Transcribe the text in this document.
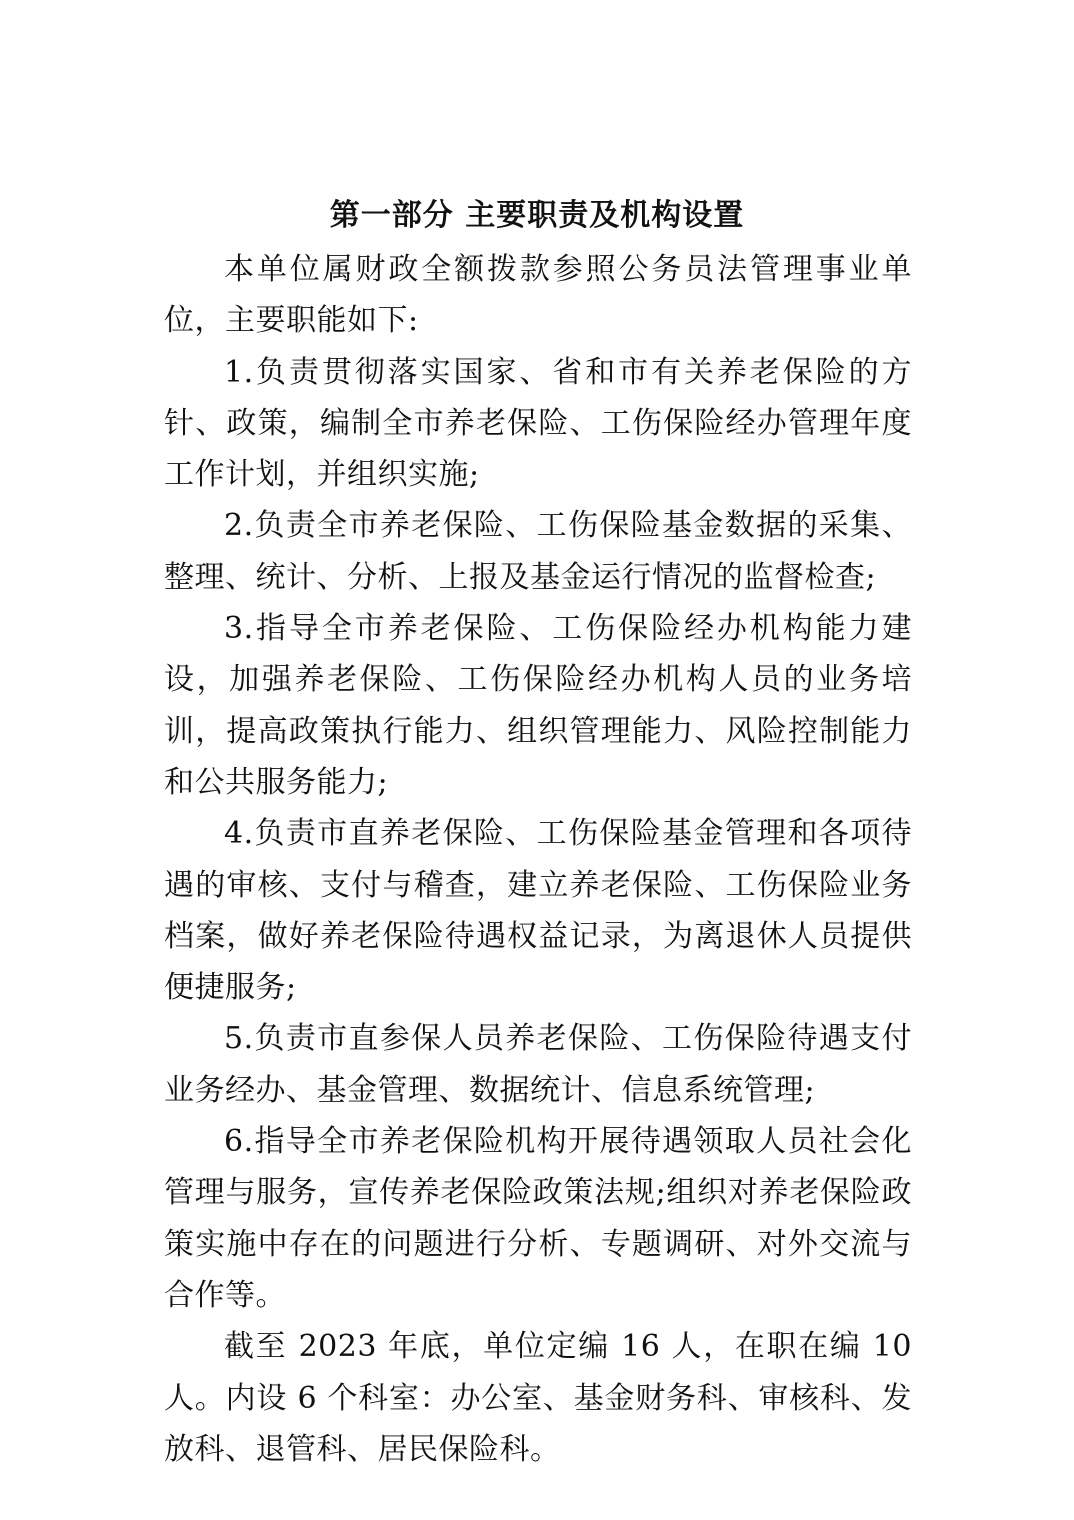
第一部分 主要职责及机构设置

本单位属财政全额拨款参照公务员法管理事业单位，主要职能如下:

1.负责贯彻落实国家、省和市有关养老保险的方针、政策，编制全市养老保险、工伤保险经办管理年度工作计划，并组织实施;

2.负责全市养老保险、工伤保险基金数据的采集、整理、统计、分析、上报及基金运行情况的监督检查;

3.指导全市养老保险、工伤保险经办机构能力建设，加强养老保险、工伤保险经办机构人员的业务培训，提高政策执行能力、组织管理能力、风险控制能力和公共服务能力;

4.负责市直养老保险、工伤保险基金管理和各项待遇的审核、支付与稽查，建立养老保险、工伤保险业务档案，做好养老保险待遇权益记录，为离退休人员提供便捷服务;

5.负责市直参保人员养老保险、工伤保险待遇支付业务经办、基金管理、数据统计、信息系统管理;

6.指导全市养老保险机构开展待遇领取人员社会化管理与服务，宣传养老保险政策法规;组织对养老保险政策实施中存在的问题进行分析、专题调研、对外交流与合作等。

截至 2023 年底，单位定编 16 人，在职在编 10 人。内设 6 个科室：办公室、基金财务科、审核科、发放科、退管科、居民保险科。
